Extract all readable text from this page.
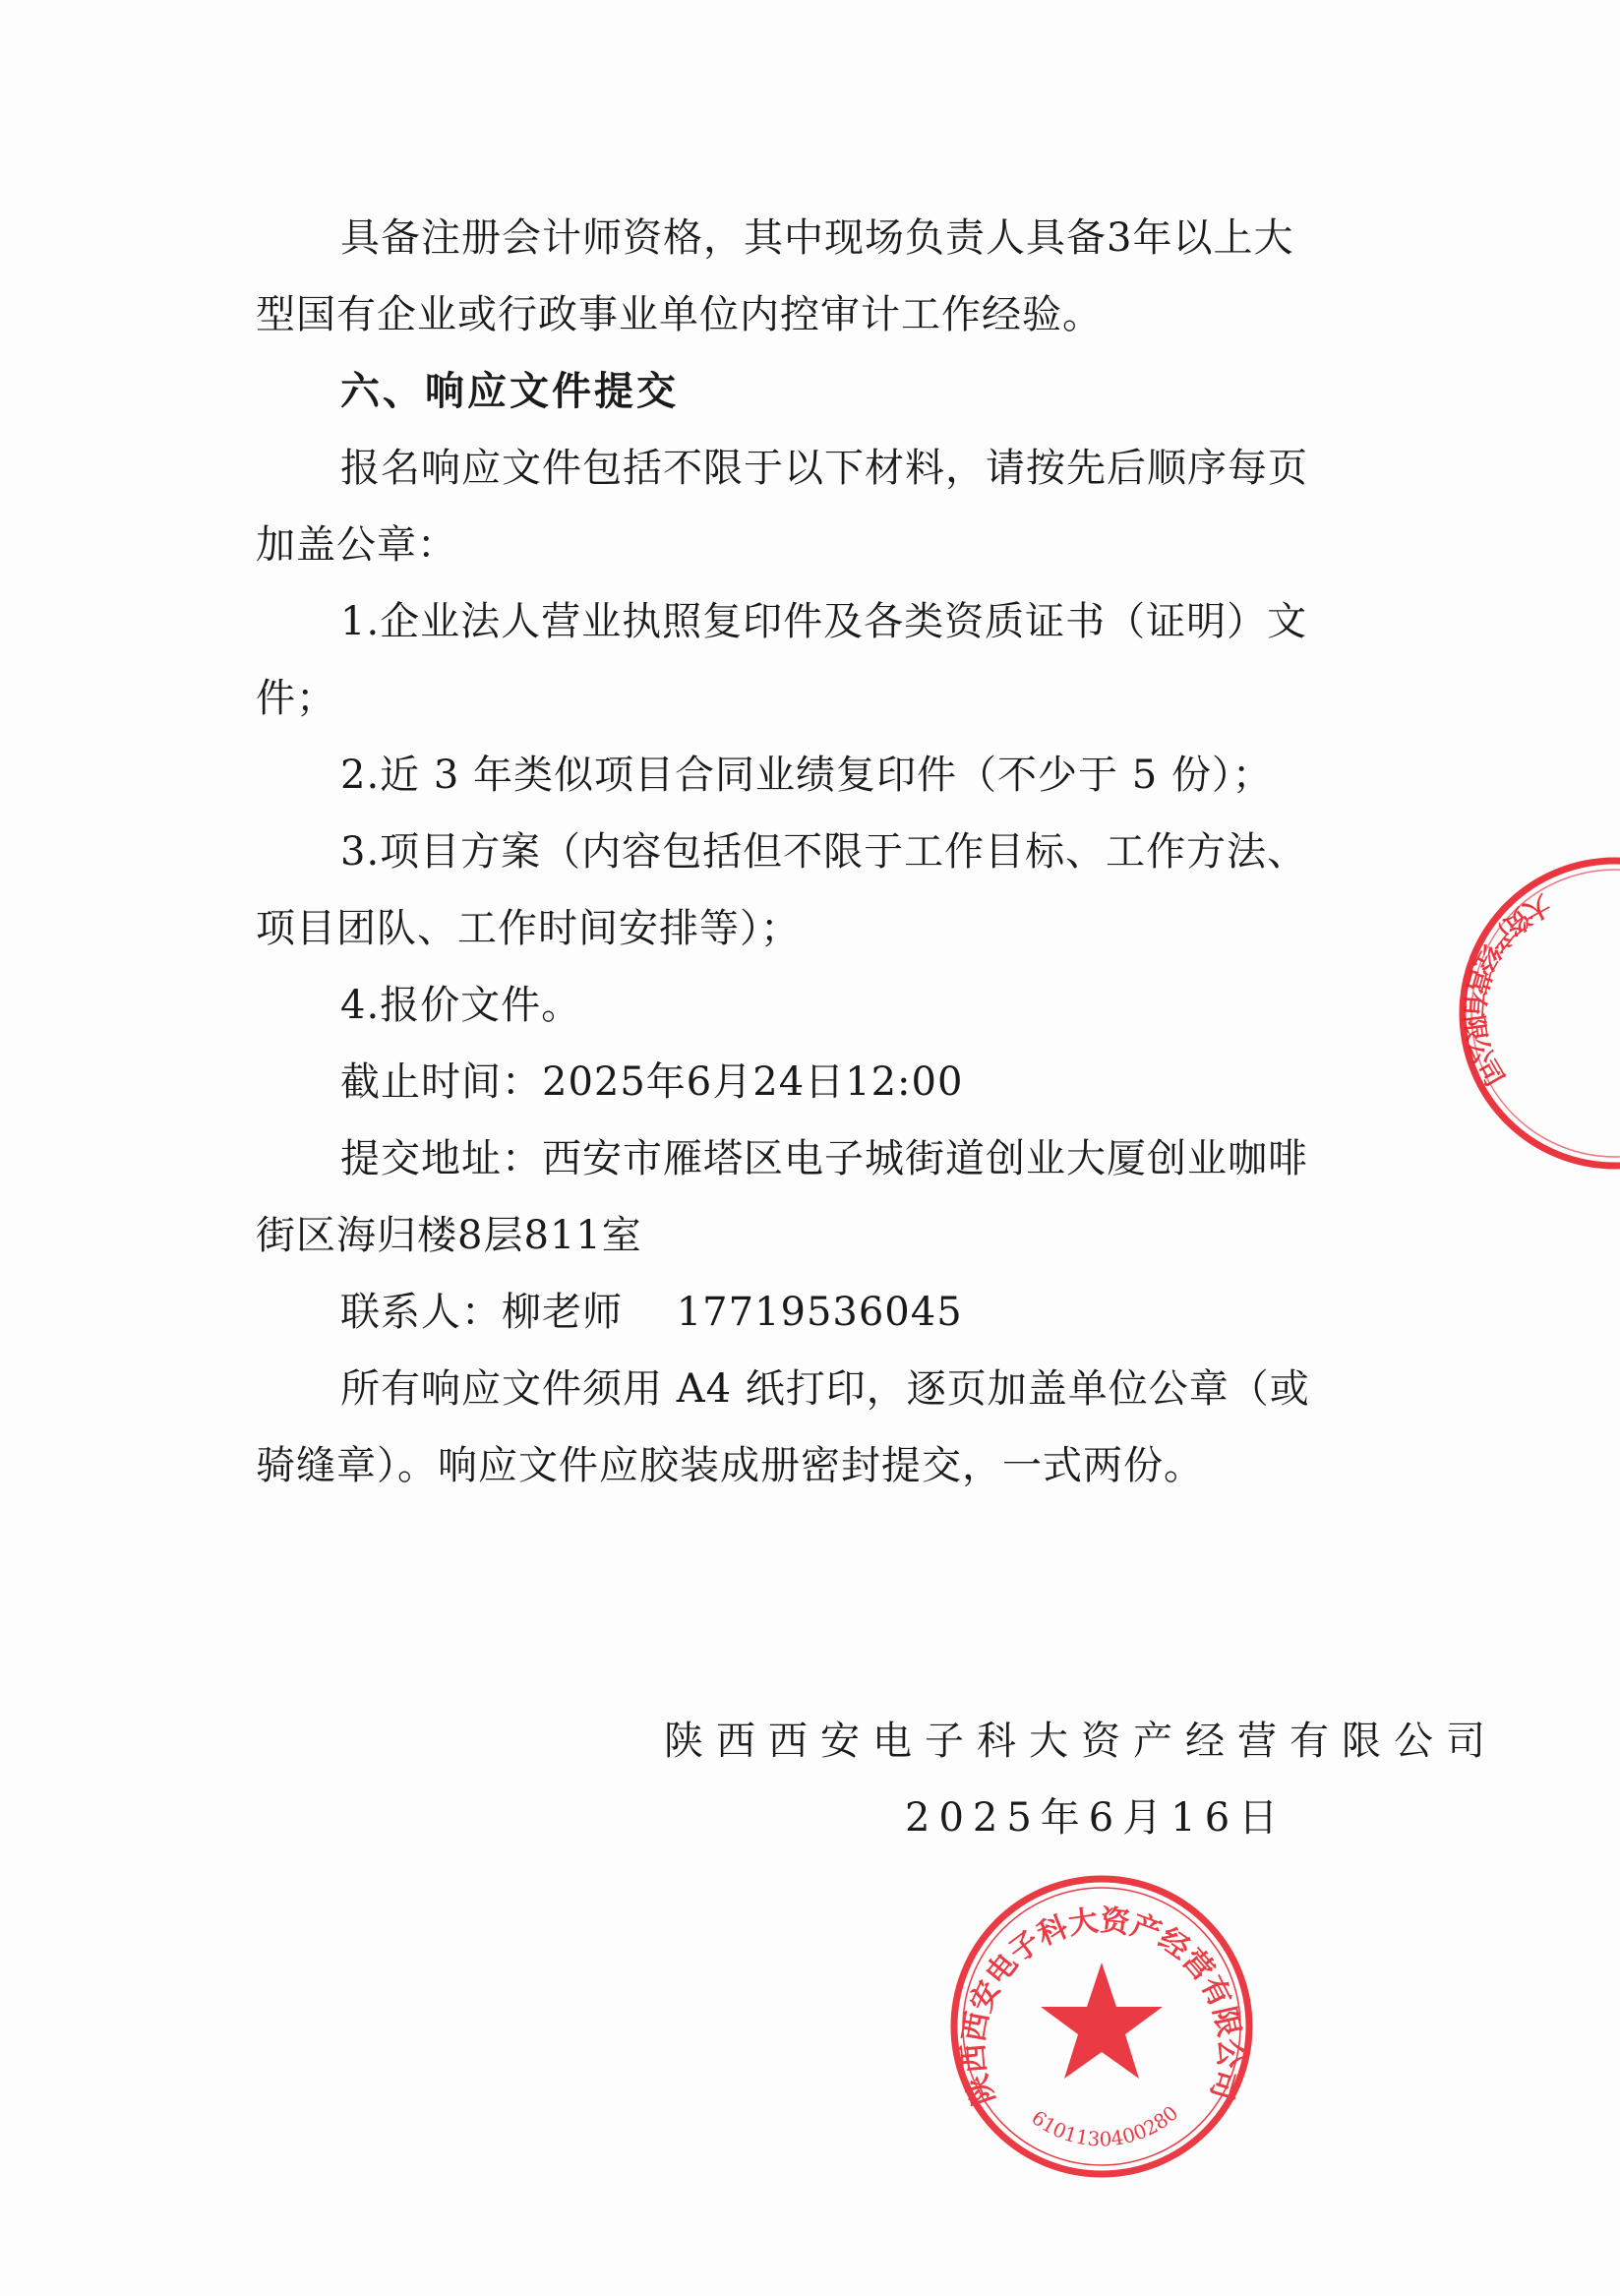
具备注册会计师资格，其中现场负责人具备3年以上大
型国有企业或行政事业单位内控审计工作经验。
六、响应文件提交
报名响应文件包括不限于以下材料，请按先后顺序每页
加盖公章：
1.企业法人营业执照复印件及各类资质证书（证明）文
件；
2.近 3 年类似项目合同业绩复印件（不少于 5 份）；
3.项目方案（内容包括但不限于工作目标、工作方法、
项目团队、工作时间安排等）；
4.报价文件。
截止时间：2025年6月24日12:00
提交地址：西安市雁塔区电子城街道创业大厦创业咖啡
街区海归楼8层811室
联系人：柳老师　 17719536045
所有响应文件须用 A4 纸打印，逐页加盖单位公章（或
骑缝章）。响应文件应胶装成册密封提交，一式两份。
陕西西安电子科大资产经营有限公司
2025年6月16日
大资产经营有限公司
陕西西安电子科大资产经营有限公司
6101130400280
